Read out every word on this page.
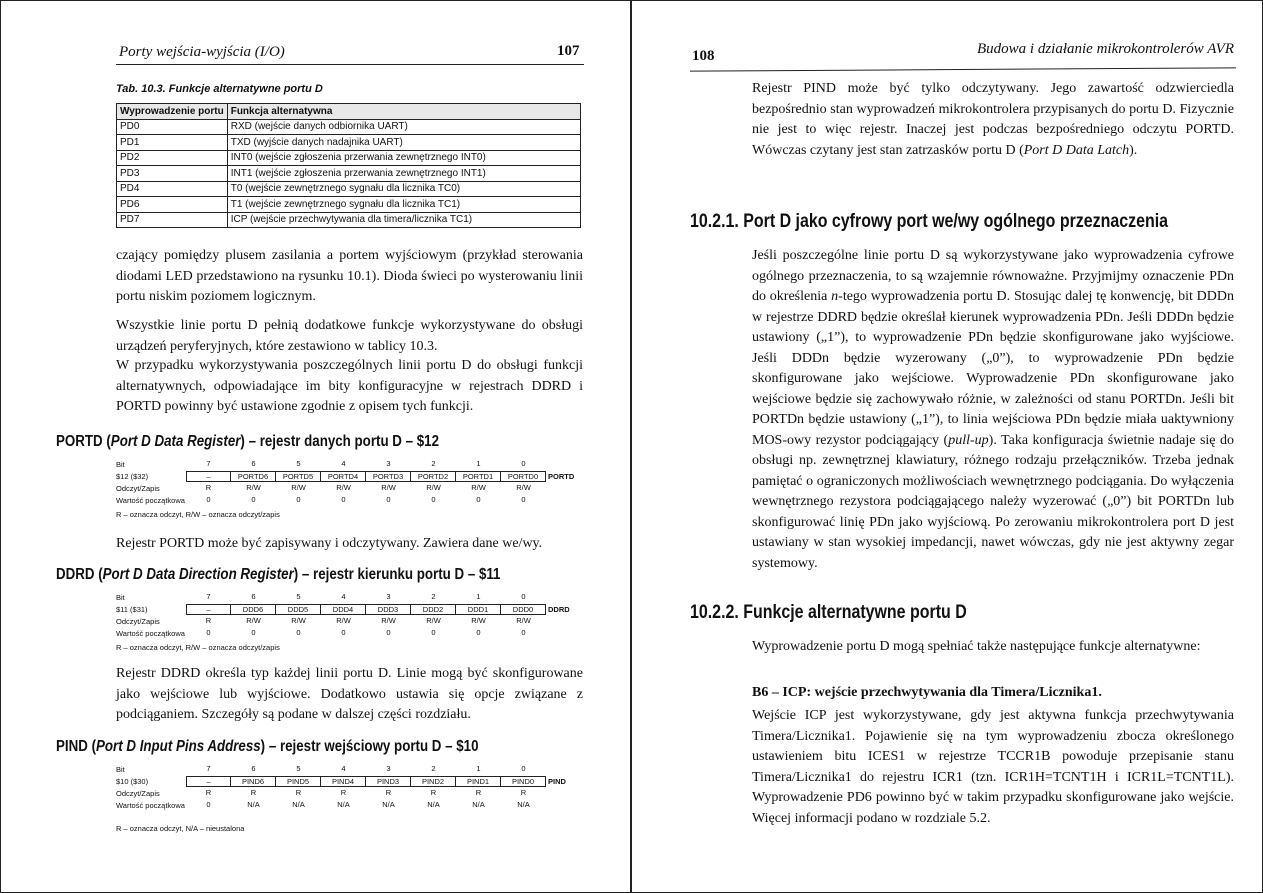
Porty wejścia-wyjścia (I/O)	107
Tab. 10.3. Funkcje alternatywne portu D
Wyprowadzenie portu	Funkcja alternatywna
PD0	RXD (wejście danych odbiornika UART)
PD1	TXD (wyjście danych nadajnika UART)
PD2	INT0 (wejście zgłoszenia przerwania zewnętrznego INT0)
PD3	INT1 (wejście zgłoszenia przerwania zewnętrznego INT1)
PD4	T0 (wejście zewnętrznego sygnału dla licznika TC0)
PD6	T1 (wejście zewnętrznego sygnału dla licznika TC1)
PD7	ICP (wejście przechwytywania dla timera/licznika TC1)

czający pomiędzy plusem zasilania a portem wyjściowym (przykład sterowania diodami LED przedstawiono na rysunku 10.1). Dioda świeci po wysterowaniu linii portu niskim poziomem logicznym.

Wszystkie linie portu D pełnią dodatkowe funkcje wykorzystywane do obsługi urządzeń peryferyjnych, które zestawiono w tablicy 10.3.

W przypadku wykorzystywania poszczególnych linii portu D do obsługi funkcji alternatywnych, odpowiadające im bity konfiguracyjne w rejestrach DDRD i PORTD powinny być ustawione zgodnie z opisem tych funkcji.

PORTD (Port D Data Register) – rejestr danych portu D – $12
Bit	7	6	5	4	3	2	1	0
$12 ($32)	–	PORTD6	PORTD5	PORTD4	PORTD3	PORTD2	PORTD1	PORTD0	PORTD
Odczyt/Zapis	R	R/W	R/W	R/W	R/W	R/W	R/W	R/W
Wartość początkowa	0	0	0	0	0	0	0	0
R – oznacza odczyt, R/W – oznacza odczyt/zapis

Rejestr PORTD może być zapisywany i odczytywany. Zawiera dane we/wy.

DDRD (Port D Data Direction Register) – rejestr kierunku portu D – $11
Bit	7	6	5	4	3	2	1	0
$11 ($31)	–	DDD6	DDD5	DDD4	DDD3	DDD2	DDD1	DDD0	DDRD
Odczyt/Zapis	R	R/W	R/W	R/W	R/W	R/W	R/W	R/W
Wartość początkowa	0	0	0	0	0	0	0	0
R – oznacza odczyt, R/W – oznacza odczyt/zapis

Rejestr DDRD określa typ każdej linii portu D. Linie mogą być skonfigurowane jako wejściowe lub wyjściowe. Dodatkowo ustawia się opcje związane z podciąganiem. Szczegóły są podane w dalszej części rozdziału.

PIND (Port D Input Pins Address) – rejestr wejściowy portu D – $10
Bit	7	6	5	4	3	2	1	0
$10 ($30)	–	PIND6	PIND5	PIND4	PIND3	PIND2	PIND1	PIND0	PIND
Odczyt/Zapis	R	R	R	R	R	R	R	R
Wartość początkowa	0	N/A	N/A	N/A	N/A	N/A	N/A	N/A
R – oznacza odczyt, N/A – nieustalona
108	Budowa i działanie mikrokontrolerów AVR

Rejestr PIND może być tylko odczytywany. Jego zawartość odzwierciedla bezpośrednio stan wyprowadzeń mikrokontrolera przypisanych do portu D. Fizycznie nie jest to więc rejestr. Inaczej jest podczas bezpośredniego odczytu PORTD. Wówczas czytany jest stan zatrzasków portu D (Port D Data Latch).

10.2.1. Port D jako cyfrowy port we/wy ogólnego przeznaczenia

Jeśli poszczególne linie portu D są wykorzystywane jako wyprowadzenia cyfrowe ogólnego przeznaczenia, to są wzajemnie równoważne. Przyjmijmy oznaczenie PDn do określenia n-tego wyprowadzenia portu D. Stosując dalej tę konwencję, bit DDDn w rejestrze DDRD będzie określał kierunek wyprowadzenia PDn. Jeśli DDDn będzie ustawiony („1”), to wyprowadzenie PDn będzie skonfigurowane jako wyjściowe. Jeśli DDDn będzie wyzerowany („0”), to wyprowadzenie PDn będzie skonfigurowane jako wejściowe. Wyprowadzenie PDn skonfigurowane jako wejściowe będzie się zachowywało różnie, w zależności od stanu PORTDn. Jeśli bit PORTDn będzie ustawiony („1”), to linia wejściowa PDn będzie miała uaktywniony MOS-owy rezystor podciągający (pull-up). Taka konfiguracja świetnie nadaje się do obsługi np. zewnętrznej klawiatury, różnego rodzaju przełączników. Trzeba jednak pamiętać o ograniczonych możliwościach wewnętrznego podciągania. Do wyłączenia wewnętrznego rezystora podciągającego należy wyzerować („0”) bit PORTDn lub skonfigurować linię PDn jako wyjściową. Po zerowaniu mikrokontrolera port D jest ustawiany w stan wysokiej impedancji, nawet wówczas, gdy nie jest aktywny zegar systemowy.

10.2.2. Funkcje alternatywne portu D

Wyprowadzenie portu D mogą spełniać także następujące funkcje alternatywne:

B6 – ICP: wejście przechwytywania dla Timera/Licznika1.

Wejście ICP jest wykorzystywane, gdy jest aktywna funkcja przechwytywania Timera/Licznika1. Pojawienie się na tym wyprowadzeniu zbocza określonego ustawieniem bitu ICES1 w rejestrze TCCR1B powoduje przepisanie stanu Timera/Licznika1 do rejestru ICR1 (tzn. ICR1H=TCNT1H i ICR1L=TCNT1L). Wyprowadzenie PD6 powinno być w takim przypadku skonfigurowane jako wejście. Więcej informacji podano w rozdziale 5.2.
